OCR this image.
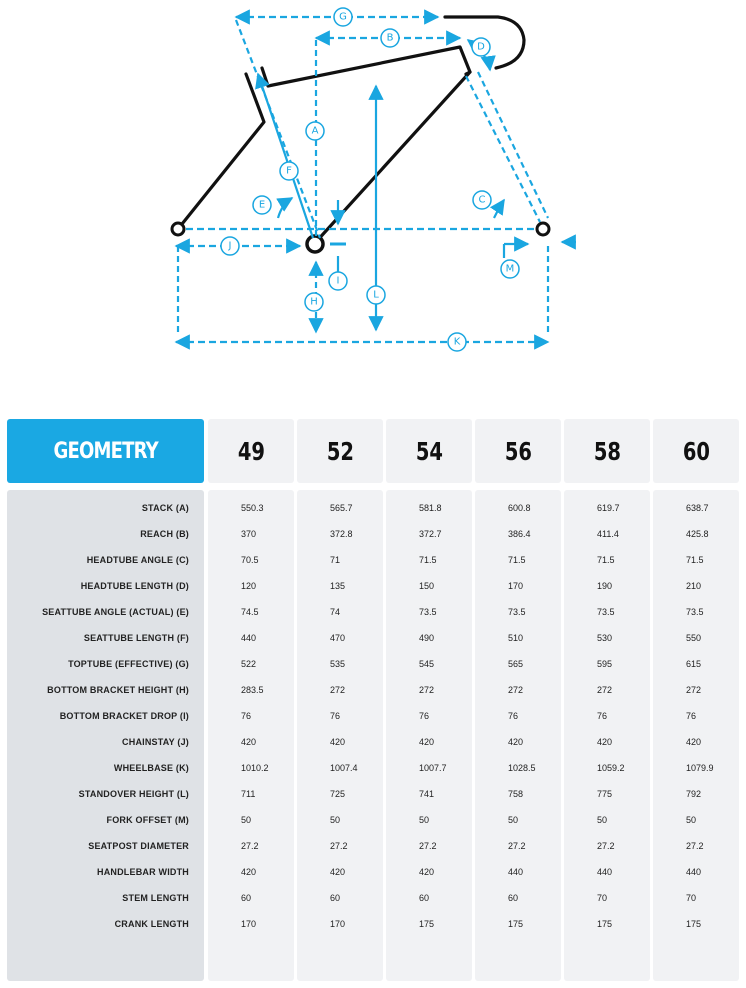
G
B
D
A
F
E	C
J
I
M
H
L
K
GEOMETRY	49 52 54 56 58 60
STACK (A)	550.3	565.7	581.8	600.8	619.7	638.7
REACH (B)	370	372.8	372.7	386.4	411.4	425.8
HEADTUBE ANGLE (C)	70.5	71	71.5	71.5	71.5	71.5
HEADTUBE LENGTH (D)	120	135	150	170	190	210
SEATTUBE ANGLE (ACTUAL) (E)	74.5	74	73.5	73.5	73.5	73.5
SEATTUBE LENGTH (F)	440	470	490	510	530	550
TOPTUBE (EFFECTIVE) (G)	522	535	545	565	595	615
BOTTOM BRACKET HEIGHT (H)	283.5	272	272	272	272	272
BOTTOM BRACKET DROP (I)	76	76	76	76	76	76
CHAINSTAY (J)	420	420	420	420	420	420
WHEELBASE (K)	1010.2	1007.4	1007.7	1028.5	1059.2	1079.9
STANDOVER HEIGHT (L)	711	725	741	758	775	792
FORK OFFSET (M)	50	50	50	50	50	50
SEATPOST DIAMETER	27.2	27.2	27.2	27.2	27.2	27.2
HANDLEBAR WIDTH	420	420	420	440	440	440
STEM LENGTH	60	60	60	60	70	70
CRANK LENGTH	170	170	175	175	175	175
